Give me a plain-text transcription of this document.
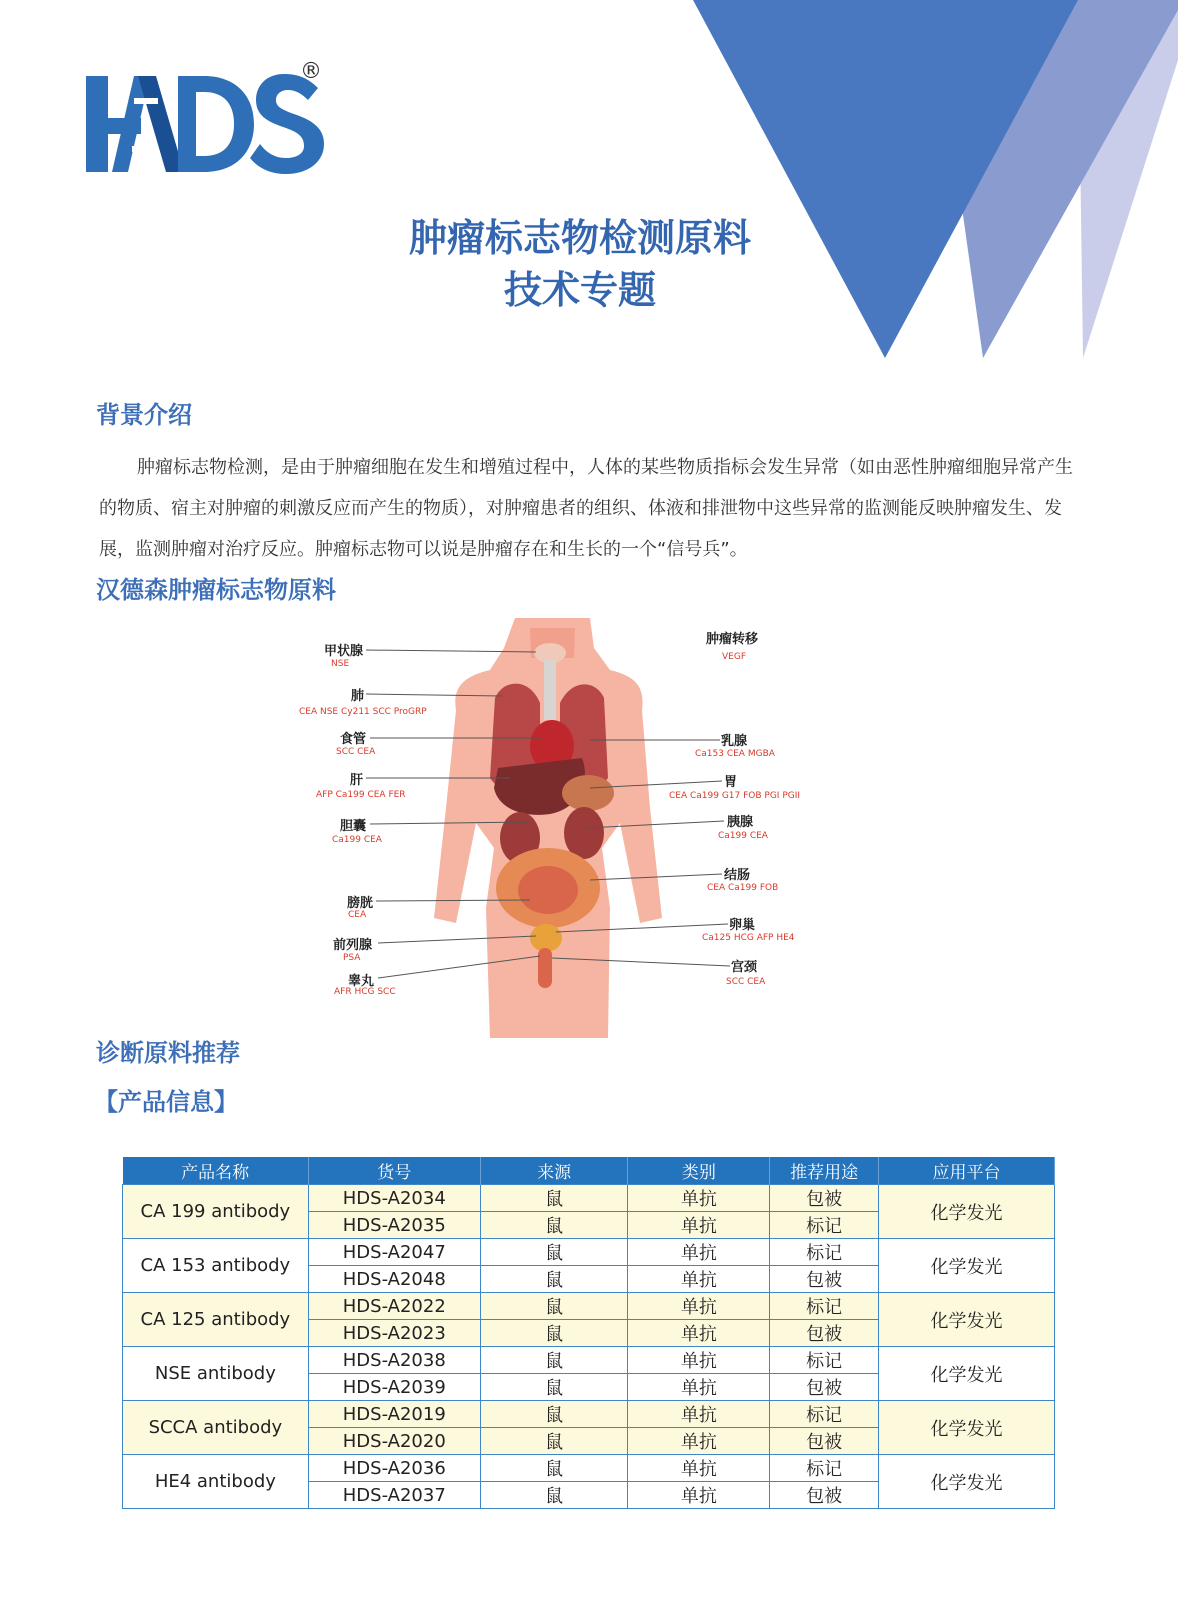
®
肿瘤标志物检测原料
技术专题
背景介绍
肿瘤标志物检测，是由于肿瘤细胞在发生和增殖过程中，人体的某些物质指标会发生异常（如由恶性肿瘤细胞异常产生的物质、宿主对肿瘤的刺激反应而产生的物质），对肿瘤患者的组织、体液和排泄物中这些异常的监测能反映肿瘤发生、发展，监测肿瘤对治疗反应。肿瘤标志物可以说是肿瘤存在和生长的一个“信号兵”。
汉德森肿瘤标志物原料
甲状腺
NSE
肺
CEA NSE Cy211 SCC ProGRP
食管
SCC CEA
肝
AFP Ca199 CEA FER
胆囊
Ca199 CEA
膀胱
CEA
前列腺
PSA
睾丸
AFR HCG SCC
肿瘤转移
VEGF
乳腺
Ca153 CEA MGBA
胃
CEA Ca199 G17 FOB PGI PGII
胰腺
Ca199 CEA
结肠
CEA Ca199 FOB
卵巢
Ca125 HCG AFP HE4
宫颈
SCC CEA
诊断原料推荐
【产品信息】
产品名称	货号	来源	类别	推荐用途	应用平台
CA 199 antibody	HDS-A2034	鼠	单抗	包被	化学发光
	HDS-A2035	鼠	单抗	标记	
CA 153 antibody	HDS-A2047	鼠	单抗	标记	化学发光
	HDS-A2048	鼠	单抗	包被	
CA 125 antibody	HDS-A2022	鼠	单抗	标记	化学发光
	HDS-A2023	鼠	单抗	包被	
NSE antibody	HDS-A2038	鼠	单抗	标记	化学发光
	HDS-A2039	鼠	单抗	包被	
SCCA antibody	HDS-A2019	鼠	单抗	标记	化学发光
	HDS-A2020	鼠	单抗	包被	
HE4 antibody	HDS-A2036	鼠	单抗	标记	化学发光
	HDS-A2037	鼠	单抗	包被	
